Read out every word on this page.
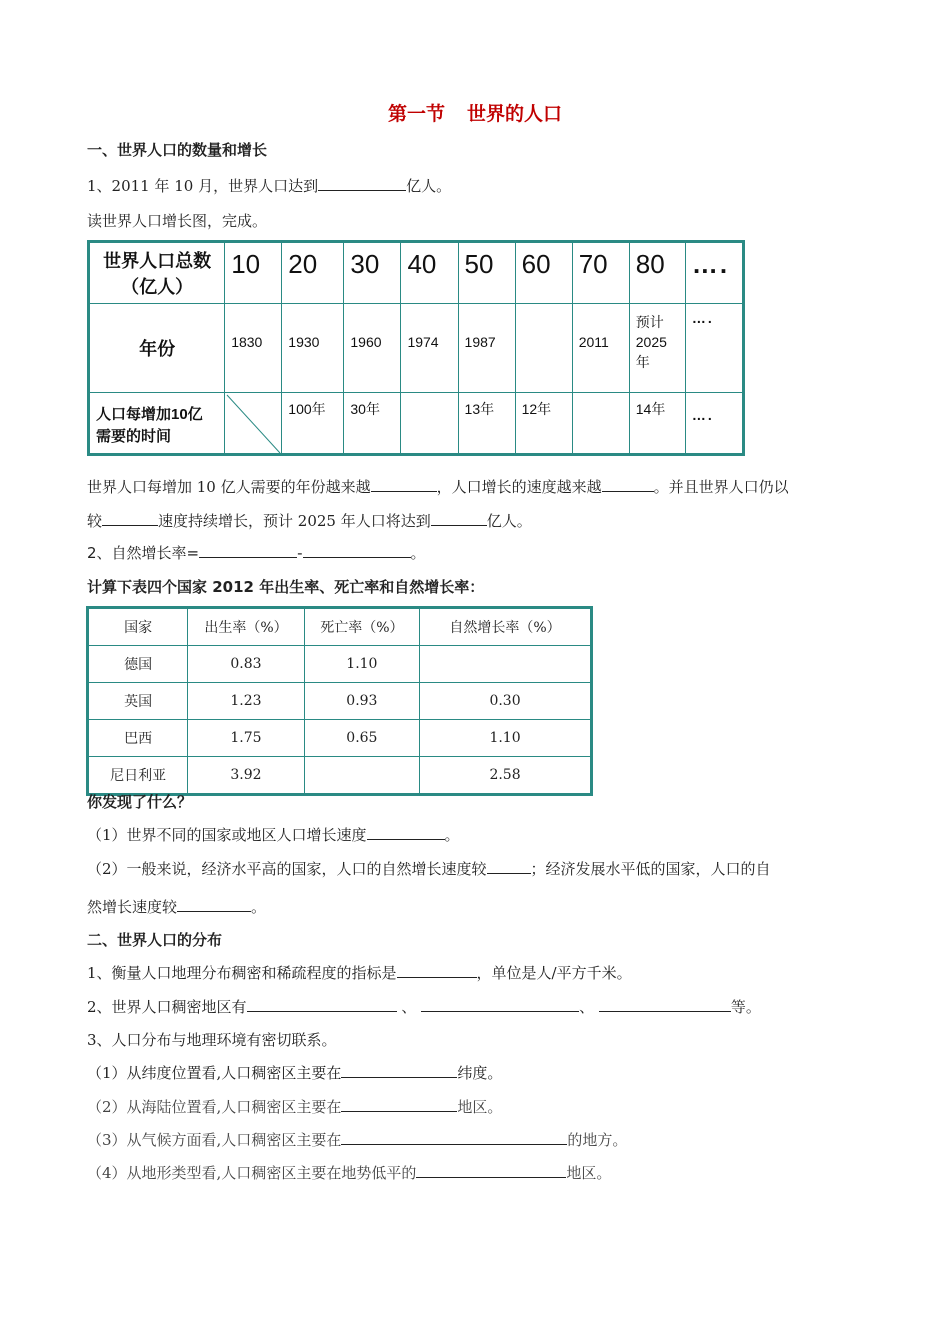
第一节 世界的人口
一、世界人口的数量和增长
1、2011 年 10 月，世界人口达到	亿人。
读世界人口增长图，完成。
世界人口总数
（亿人）	10	20	30	40	50	60	70	80	….
年份	1830	1930	1960	1974	1987		2011	预计
2025
年	….

人口每增加10亿
需要的时间		100年	30年		13年	12年		14年	….
世界人口每增加 10 亿人需要的年份越来越	，人口增长的速度越来越	。并且世界人口仍以
较	速度持续增长，预计 2025 年人口将达到	亿人。
2、自然增长率=	-	。
计算下表四个国家 2012 年出生率、死亡率和自然增长率：
国家	出生率（%）	死亡率（%）	自然增长率（%）
德国	0.83	1.10	
英国	1.23	0.93	0.30
巴西	1.75	0.65	1.10
尼日利亚	3.92		2.58
你发现了什么？
（1）世界不同的国家或地区人口增长速度	。
（2）一般来说，经济水平高的国家，人口的自然增长速度较	；经济发展水平低的国家，人口的自
然增长速度较	。
二、世界人口的分布
1、衡量人口地理分布稠密和稀疏程度的指标是	，单位是人/平方千米。
2、世界人口稠密地区有	、	、	等。
3、人口分布与地理环境有密切联系。
（1）从纬度位置看,人口稠密区主要在	纬度。
（2）从海陆位置看,人口稠密区主要在	地区。
（3）从气候方面看,人口稠密区主要在	的地方。
（4）从地形类型看,人口稠密区主要在地势低平的	地区。
